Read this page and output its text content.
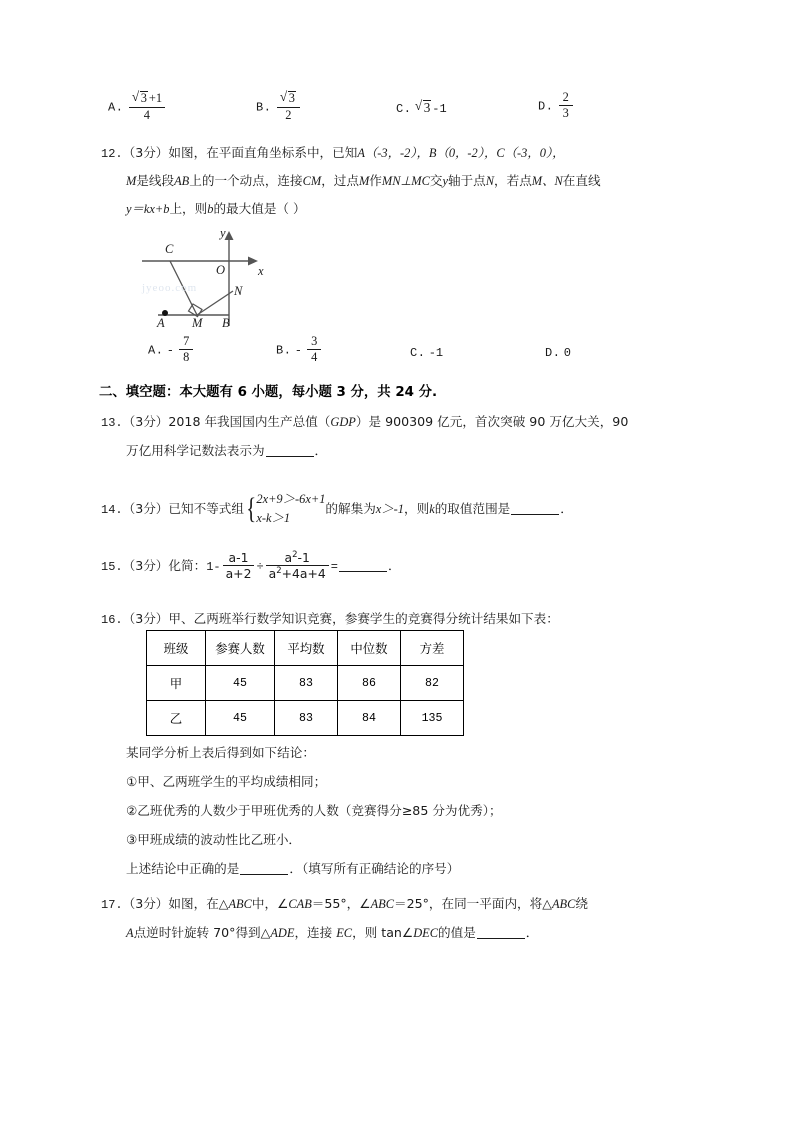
A. √ $\frac{3 +1}{4}$	B. √ $\frac{3}{2}$	C. √ 3 -1	D. $\frac{2}{3}$
12.（3分）如图，在平面直角坐标系中，已知A（-3，-2），B（0，-2），C（-3，0），
M是线段AB上的一个动点，连接CM，过点M作MN⊥MC交y轴于点N，若点M、N在直线
y＝kx+b上，则b的最大值是（ ）
jyeoo.com
C
O	x
y
N
A M B
A. - $\frac{7}{8}$	B. - $\frac{3}{4}$	C. -1	D. 0
二、填空题：本大题有 6 小题，每小题 3 分，共 24 分.
13.（3分）2018 年我国国内生产总值（GDP）是 900309 亿元，首次突破 90 万亿大关，90
万亿用科学记数法表示为	．
14.（3分）已知不等式组 { 2x+9＞-6x+1
x-k＞1
的解集为x＞-1，则k的取值范围是	．
15.（3分）化简：$1- \frac{a-1}{a+2} \div \frac{a^2-1}{a^2+4a+4}$ =	．
16.（3分）甲、乙两班举行数学知识竞赛，参赛学生的竞赛得分统计结果如下表：
班级	参赛人数	平均数	中位数	方差
甲	45	83	86	82
乙	45	83	84	135
某同学分析上表后得到如下结论：
①甲、乙两班学生的平均成绩相同；
②乙班优秀的人数少于甲班优秀的人数（竞赛得分≥85 分为优秀）；
③甲班成绩的波动性比乙班小．
上述结论中正确的是	．（填写所有正确结论的序号）
17.（3分）如图，在△ABC中，∠CAB＝55°，∠ABC＝25°，在同一平面内，将△ABC绕
A点逆时针旋转 70°得到△ADE，连接 EC，则 tan∠DEC的值是	．
